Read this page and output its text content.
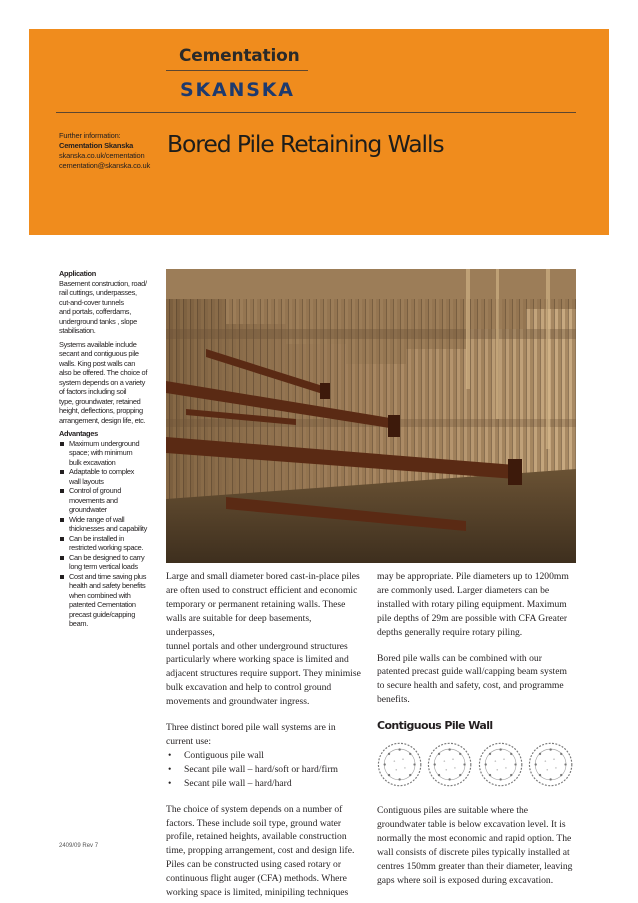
Cementation
SKANSKA
Further information:
Cementation Skanska
skanska.co.uk/cementation
cementation@skanska.co.uk
Bored Pile Retaining Walls
Application

Basement construction, road/
rail cuttings, underpasses,
cut-and-cover tunnels
and portals, cofferdams,
underground tanks , slope
stabilisation.

Systems available include
secant and contiguous pile
walls. King post walls can
also be offered. The choice of
system depends on a variety
of factors including soil
type, groundwater, retained
height, deflections, propping
arrangement, design life, etc.

Advantages
Maximum underground
space; with minimum
bulk excavation
Adaptable to complex
wall layouts
Control of ground
movements and
groundwater
Wide range of wall
thicknesses and capability
Can be installed in
restricted working space.
Can be designed to carry
long term vertical loads
Cost and time saving plus
health and safety benefits
when combined with
patented Cementation
precast guide/capping
beam.

Large and small diameter bored cast-in-place piles
are often used to construct efficient and economic
temporary or permanent retaining walls. These
walls are suitable for deep basements, underpasses,
tunnel portals and other underground structures
particularly where working space is limited and
adjacent structures require support. They minimise
bulk excavation and help to control ground
movements and groundwater ingress.

Three distinct bored pile wall systems are in
current use:

• Contiguous pile wall
• Secant pile wall – hard/soft or hard/firm
• Secant pile wall – hard/hard

The choice of system depends on a number of
factors. These include soil type, ground water
profile, retained heights, available construction
time, propping arrangement, cost and design life.
Piles can be constructed using cased rotary or
continuous flight auger (CFA) methods. Where
working space is limited, minipiling techniques

may be appropriate. Pile diameters up to 1200mm
are commonly used. Larger diameters can be
installed with rotary piling equipment. Maximum
pile depths of 29m are possible with CFA Greater
depths generally require rotary piling.

Bored pile walls can be combined with our
patented precast guide wall/capping beam system
to secure health and safety, cost, and programme
benefits.

Contiguous Pile Wall

Contiguous piles are suitable where the
groundwater table is below excavation level. It is
normally the most economic and rapid option. The
wall consists of discrete piles typically installed at
centres 150mm greater than their diameter, leaving
gaps where soil is exposed during excavation.

2409/09 Rev 7
